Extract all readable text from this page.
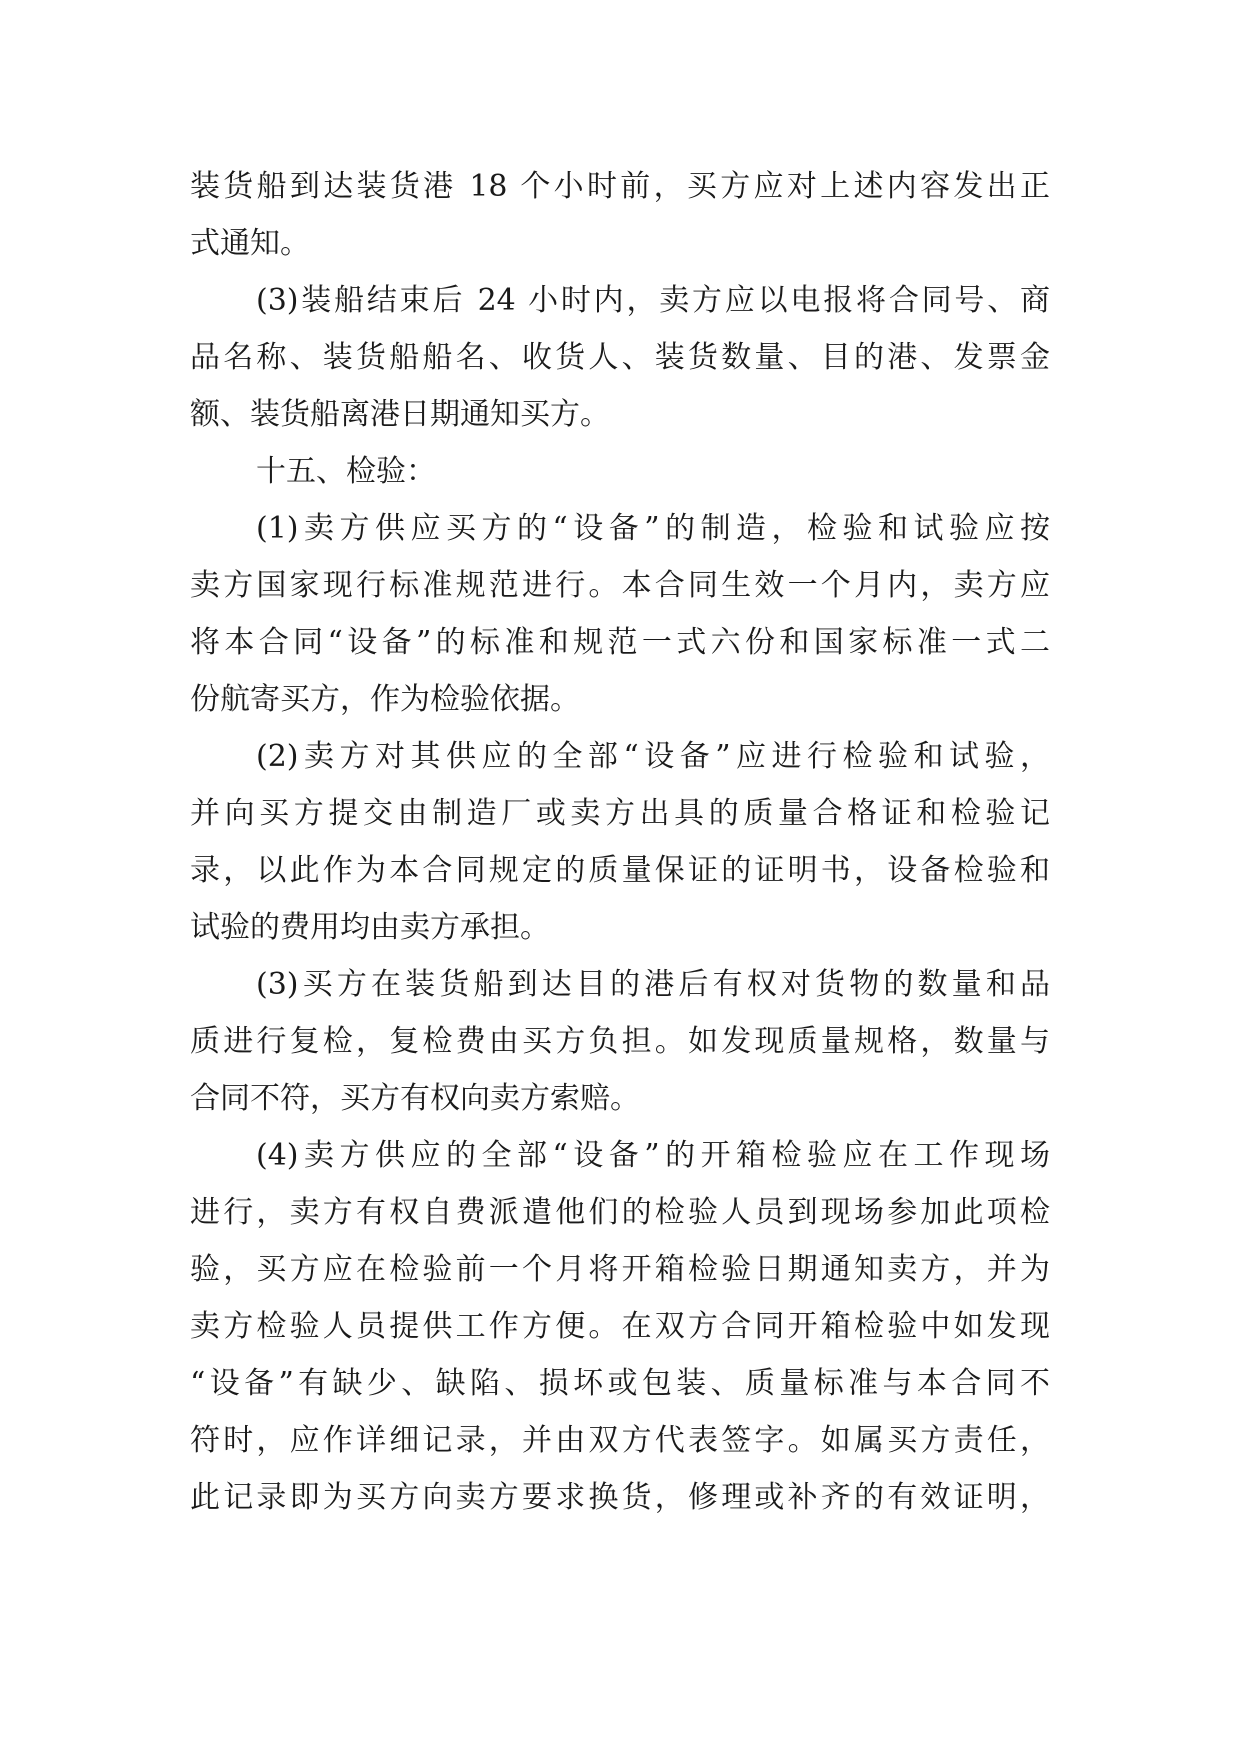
装货船到达装货港 18 个小时前，买方应对上述内容发出正
式通知。
(3)装船结束后 24 小时内，卖方应以电报将合同号、商
品名称、装货船船名、收货人、装货数量、目的港、发票金
额、装货船离港日期通知买方。
十五、检验：
(1)卖方供应买方的“设备”的制造，检验和试验应按
卖方国家现行标准规范进行。本合同生效一个月内，卖方应
将本合同“设备”的标准和规范一式六份和国家标准一式二
份航寄买方，作为检验依据。
(2)卖方对其供应的全部“设备”应进行检验和试验，
并向买方提交由制造厂或卖方出具的质量合格证和检验记
录，以此作为本合同规定的质量保证的证明书，设备检验和
试验的费用均由卖方承担。
(3)买方在装货船到达目的港后有权对货物的数量和品
质进行复检，复检费由买方负担。如发现质量规格，数量与
合同不符，买方有权向卖方索赔。
(4)卖方供应的全部“设备”的开箱检验应在工作现场
进行，卖方有权自费派遣他们的检验人员到现场参加此项检
验，买方应在检验前一个月将开箱检验日期通知卖方，并为
卖方检验人员提供工作方便。在双方合同开箱检验中如发现
“设备”有缺少、缺陷、损坏或包装、质量标准与本合同不
符时，应作详细记录，并由双方代表签字。如属买方责任，
此记录即为买方向卖方要求换货，修理或补齐的有效证明，
